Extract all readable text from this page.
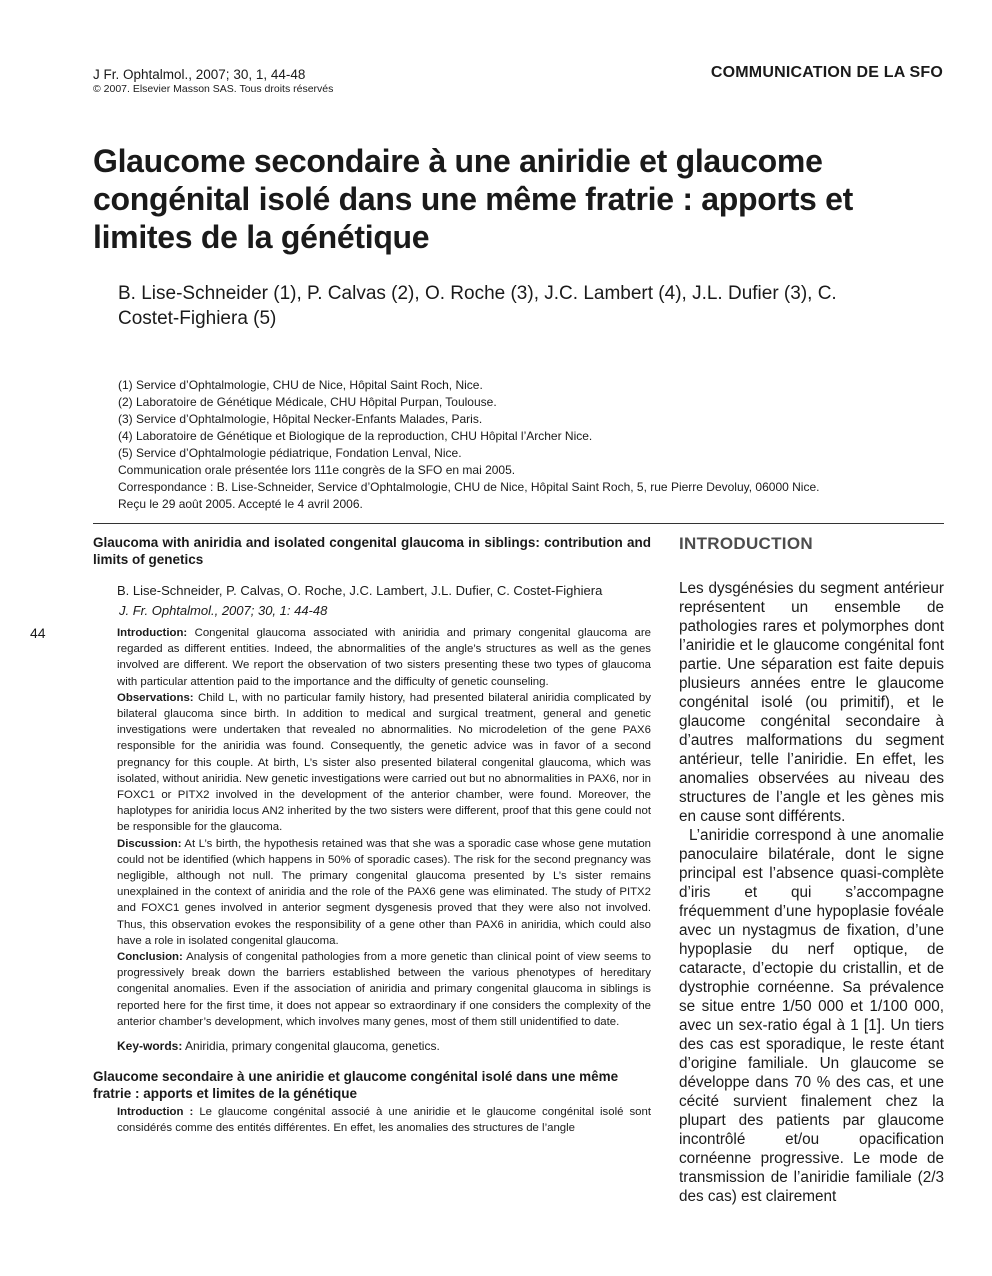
J Fr. Ophtalmol., 2007; 30, 1, 44-48
© 2007. Elsevier Masson SAS. Tous droits réservés
COMMUNICATION DE LA SFO
Glaucome secondaire à une aniridie et glaucome congénital isolé dans une même fratrie : apports et limites de la génétique
B. Lise-Schneider (1), P. Calvas (2), O. Roche (3), J.C. Lambert (4), J.L. Dufier (3), C. Costet-Fighiera (5)
(1) Service d’Ophtalmologie, CHU de Nice, Hôpital Saint Roch, Nice.
(2) Laboratoire de Génétique Médicale, CHU Hôpital Purpan, Toulouse.
(3) Service d’Ophtalmologie, Hôpital Necker-Enfants Malades, Paris.
(4) Laboratoire de Génétique et Biologique de la reproduction, CHU Hôpital l’Archer Nice.
(5) Service d’Ophtalmologie pédiatrique, Fondation Lenval, Nice.
Communication orale présentée lors 111e congrès de la SFO en mai 2005.
Correspondance : B. Lise-Schneider, Service d’Ophtalmologie, CHU de Nice, Hôpital Saint Roch, 5, rue Pierre Devoluy, 06000 Nice.
Reçu le 29 août 2005. Accepté le 4 avril 2006.
44
Glaucoma with aniridia and isolated congenital glaucoma in siblings: contribution and limits of genetics
B. Lise-Schneider, P. Calvas, O. Roche, J.C. Lambert, J.L. Dufier, C. Costet-Fighiera
J. Fr. Ophtalmol., 2007; 30, 1: 44-48

Introduction: Congenital glaucoma associated with aniridia and primary congenital glaucoma are regarded as different entities. Indeed, the abnormalities of the angle’s structures as well as the genes involved are different. We report the observation of two sisters presenting these two types of glaucoma with particular attention paid to the importance and the difficulty of genetic counseling.

Observations: Child L, with no particular family history, had presented bilateral aniridia complicated by bilateral glaucoma since birth. In addition to medical and surgical treatment, general and genetic investigations were undertaken that revealed no abnormalities. No microdeletion of the gene PAX6 responsible for the aniridia was found. Consequently, the genetic advice was in favor of a second pregnancy for this couple. At birth, L’s sister also presented bilateral congenital glaucoma, which was isolated, without aniridia. New genetic investigations were carried out but no abnormalities in PAX6, nor in FOXC1 or PITX2 involved in the development of the anterior chamber, were found. Moreover, the haplotypes for aniridia locus AN2 inherited by the two sisters were different, proof that this gene could not be responsible for the glaucoma.

Discussion: At L’s birth, the hypothesis retained was that she was a sporadic case whose gene mutation could not be identified (which happens in 50% of sporadic cases). The risk for the second pregnancy was negligible, although not null. The primary congenital glaucoma presented by L’s sister remains unexplained in the context of aniridia and the role of the PAX6 gene was eliminated. The study of PITX2 and FOXC1 genes involved in anterior segment dysgenesis proved that they were also not involved. Thus, this observation evokes the responsibility of a gene other than PAX6 in aniridia, which could also have a role in isolated congenital glaucoma.

Conclusion: Analysis of congenital pathologies from a more genetic than clinical point of view seems to progressively break down the barriers established between the various phenotypes of hereditary congenital anomalies. Even if the association of aniridia and primary congenital glaucoma in siblings is reported here for the first time, it does not appear so extraordinary if one considers the complexity of the anterior chamber’s development, which involves many genes, most of them still unidentified to date.

Key-words: Aniridia, primary congenital glaucoma, genetics.
Glaucome secondaire à une aniridie et glaucome congénital isolé dans une même fratrie : apports et limites de la génétique
Introduction : Le glaucome congénital associé à une aniridie et le glaucome congénital isolé sont considérés comme des entités différentes. En effet, les anomalies des structures de l’angle
INTRODUCTION

Les dysgénésies du segment antérieur représentent un ensemble de pathologies rares et polymorphes dont l’aniridie et le glaucome congénital font partie. Une séparation est faite depuis plusieurs années entre le glaucome congénital isolé (ou primitif), et le glaucome congénital secondaire à d’autres malformations du segment antérieur, telle l’aniridie. En effet, les anomalies observées au niveau des structures de l’angle et les gènes mis en cause sont différents.

L’aniridie correspond à une anomalie panoculaire bilatérale, dont le signe principal est l’absence quasi-complète d’iris et qui s’accompagne fréquemment d’une hypoplasie fovéale avec un nystagmus de fixation, d’une hypoplasie du nerf optique, de cataracte, d’ectopie du cristallin, et de dystrophie cornéenne. Sa prévalence se situe entre 1/50 000 et 1/100 000, avec un sex-ratio égal à 1 [1]. Un tiers des cas est sporadique, le reste étant d’origine familiale. Un glaucome se développe dans 70 % des cas, et une cécité survient finalement chez la plupart des patients par glaucome incontrôlé et/ou opacification cornéenne progressive. Le mode de transmission de l’aniridie familiale (2/3 des cas) est clairement
